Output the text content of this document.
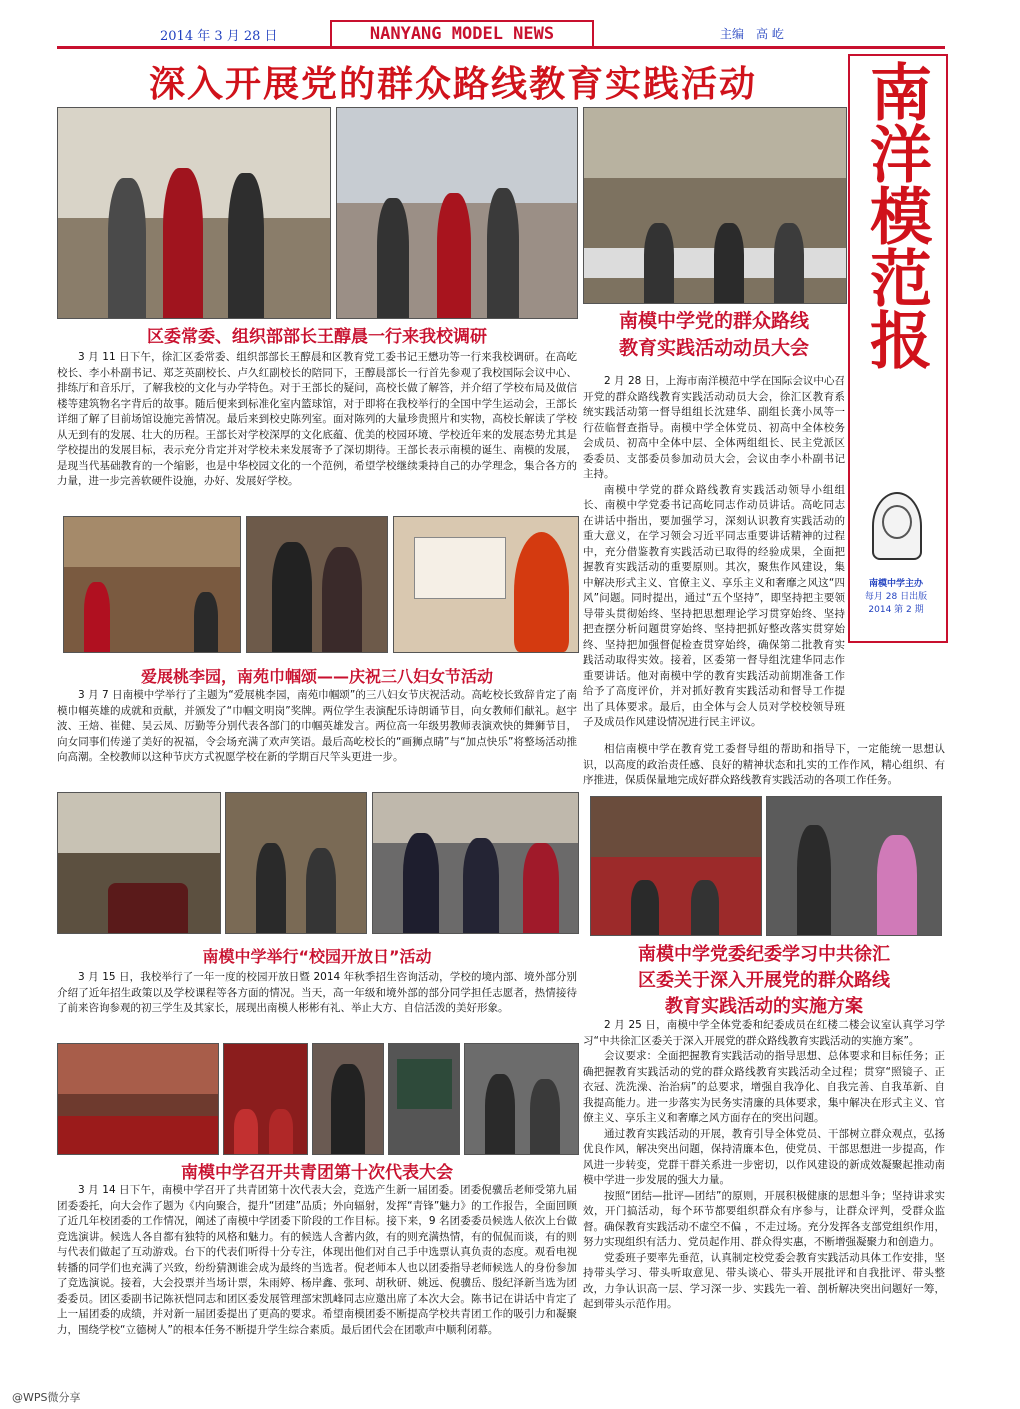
2014 年 3 月 28 日	NANYANG MODEL NEWS	主编　高 屹
深入开展党的群众路线教育实践活动	南洋模范报
南模中学主办
每月 28 日出版
2014 第 2 期
区委常委、组织部部长王醇晨一行来我校调研

3 月 11 日下午，徐汇区委常委、组织部部长王醇晨和区教育党工委书记王懋功等一行来我校调研。在高屹校长、李小朴副书记、郑芝英副校长、卢久红副校长的陪同下，王醇晨部长一行首先参观了我校国际会议中心、排练厅和音乐厅，了解我校的文化与办学特色。对于王部长的疑问，高校长做了解答，并介绍了学校布局及做信楼等建筑物名字背后的故事。随后便来到标准化室内篮球馆，对于即将在我校举行的全国中学生运动会，王部长详细了解了目前场馆设施完善情况。最后来到校史陈列室。面对陈列的大量珍贵照片和实物，高校长解读了学校从无到有的发展、壮大的历程。王部长对学校深厚的文化底蕴、优美的校园环境、学校近年来的发展态势尤其是学校提出的发展目标，表示充分肯定并对学校未来发展寄予了深切期待。王部长表示南模的诞生、南模的发展，是现当代基础教育的一个缩影，也是中华校园文化的一个范例，希望学校继续秉持自己的办学理念，集合各方的力量，进一步完善软硬件设施，办好、发展好学校。

南模中学党的群众路线
教育实践活动动员大会

2 月 28 日，上海市南洋模范中学在国际会议中心召开党的群众路线教育实践活动动员大会，徐汇区教育系统实践活动第一督导组组长沈建华、副组长龚小凤等一行莅临督查指导。南模中学全体党员、初高中全体校务会成员、初高中全体中层、全体两组组长、民主党派区委委员、支部委员参加动员大会，会议由李小朴副书记主持。

南模中学党的群众路线教育实践活动领导小组组长、南模中学党委书记高屹同志作动员讲话。高屹同志在讲话中指出，要加强学习，深刻认识教育实践活动的重大意义，在学习领会习近平同志重要讲话精神的过程中，充分借鉴教育实践活动已取得的经验成果，全面把握教育实践活动的重要原则。其次，聚焦作风建设，集中解决形式主义、官僚主义、享乐主义和奢靡之风这“四风”问题。同时提出，通过“五个坚持”，即坚持把主要领导带头贯彻始终、坚持把思想理论学习贯穿始终、坚持把查摆分析问题贯穿始终、坚持把抓好整改落实贯穿始终、坚持把加强督促检查贯穿始终，确保第二批教育实践活动取得实效。接着，区委第一督导组沈建华同志作重要讲话。他对南模中学的教育实践活动前期准备工作给予了高度评价，并对抓好教育实践活动和督导工作提出了具体要求。最后，由全体与会人员对学校校领导班子及成员作风建设情况进行民主评议。

爱展桃李园，南苑巾帼颂——庆祝三八妇女节活动

3 月 7 日南模中学举行了主题为“爱展桃李园，南苑巾帼颂”的三八妇女节庆祝活动。高屹校长致辞肯定了南模巾帼英雄的成就和贡献，并颁发了“巾帼文明岗”奖牌。两位学生表演配乐诗朗诵节目，向女教师们献礼。赵宇波、王焙、崔健、吴云凤、厉勤等分别代表各部门的巾帼英雄发言。两位高一年级男教师表演欢快的舞狮节目，向女同事们传递了美好的祝福，令会场充满了欢声笑语。最后高屹校长的“画狮点睛”与“加点快乐”将整场活动推向高潮。全校教师以这种节庆方式祝愿学校在新的学期百尺竿头更进一步。

相信南模中学在教育党工委督导组的帮助和指导下，一定能统一思想认识，以高度的政治责任感、良好的精神状态和扎实的工作作风，精心组织、有序推进，保质保量地完成好群众路线教育实践活动的各项工作任务。

南模中学举行“校园开放日”活动

3 月 15 日，我校举行了一年一度的校园开放日暨 2014 年秋季招生咨询活动，学校的境内部、境外部分别介绍了近年招生政策以及学校课程等各方面的情况。当天，高一年级和境外部的部分同学担任志愿者，热情接待了前来咨询参观的初三学生及其家长，展现出南模人彬彬有礼、举止大方、自信活泼的美好形象。

南模中学召开共青团第十次代表大会

3 月 14 日下午，南模中学召开了共青团第十次代表大会，竞选产生新一届团委。团委倪骥岳老师受第九届团委委托，向大会作了题为《内向聚合，提升“团建”品质；外向辐射，发挥“青锋”魅力》的工作报告，全面回顾了近几年校团委的工作情况，阐述了南模中学团委下阶段的工作目标。接下来，9 名团委委员候选人依次上台做竞选演讲。候选人各自都有独特的风格和魅力。有的候选人含蓄内敛，有的则充满热情，有的侃侃而谈，有的则与代表们做起了互动游戏。台下的代表们听得十分专注，体现出他们对自己手中选票认真负责的态度。观看电视转播的同学们也充满了兴致，纷纷猜测谁会成为最终的当选者。倪老师本人也以团委指导老师候选人的身份参加了竞选演说。接着，大会投票并当场计票，朱雨婷、杨岸鑫、张珂、胡秋研、姚远、倪骥岳、殷纪泽新当选为团委委员。团区委副书记陈祆恺同志和团区委发展管理部宋凯峰同志应邀出席了本次大会。陈书记在讲话中肯定了上一届团委的成绩，并对新一届团委提出了更高的要求。希望南模团委不断提高学校共青团工作的吸引力和凝聚力，围绕学校“立德树人”的根本任务不断提升学生综合素质。最后团代会在团歌声中顺利闭幕。

南模中学党委纪委学习中共徐汇
区委关于深入开展党的群众路线
教育实践活动的实施方案

2 月 25 日，南模中学全体党委和纪委成员在红楼二楼会议室认真学习学习“中共徐汇区委关于深入开展党的群众路线教育实践活动的实施方案”。

会议要求：全面把握教育实践活动的指导思想、总体要求和目标任务；正确把握教育实践活动的党的群众路线教育实践活动全过程；贯穿“照镜子、正衣冠、洗洗澡、治治病”的总要求，增强自我净化、自我完善、自我革新、自我提高能力。进一步落实为民务实清廉的具体要求，集中解决在形式主义、官僚主义、享乐主义和奢靡之风方面存在的突出问题。

通过教育实践活动的开展，教育引导全体党员、干部树立群众观点，弘扬优良作风，解决突出问题，保持清廉本色，使党员、干部思想进一步提高，作风进一步转变，党群干群关系进一步密切，以作风建设的新成效凝聚起推动南模中学进一步发展的强大力量。

按照“团结—批评—团结”的原则，开展积极健康的思想斗争；坚持讲求实效，开门搞活动，每个环节都要组织群众有序参与，让群众评判，受群众监督。确保教育实践活动不虚空不偏 ，不走过场。充分发挥各支部党组织作用，努力实现组织有活力、党员起作用、群众得实惠，不断增强凝聚力和创造力。

党委班子要率先垂范，认真制定校党委会教育实践活动具体工作安排，坚持带头学习、带头听取意见、带头谈心、带头开展批评和自我批评、带头整改，力争认识高一层、学习深一步、实践先一着、剖析解决突出问题好一筹，起到带头示范作用。

@WPS微分享
